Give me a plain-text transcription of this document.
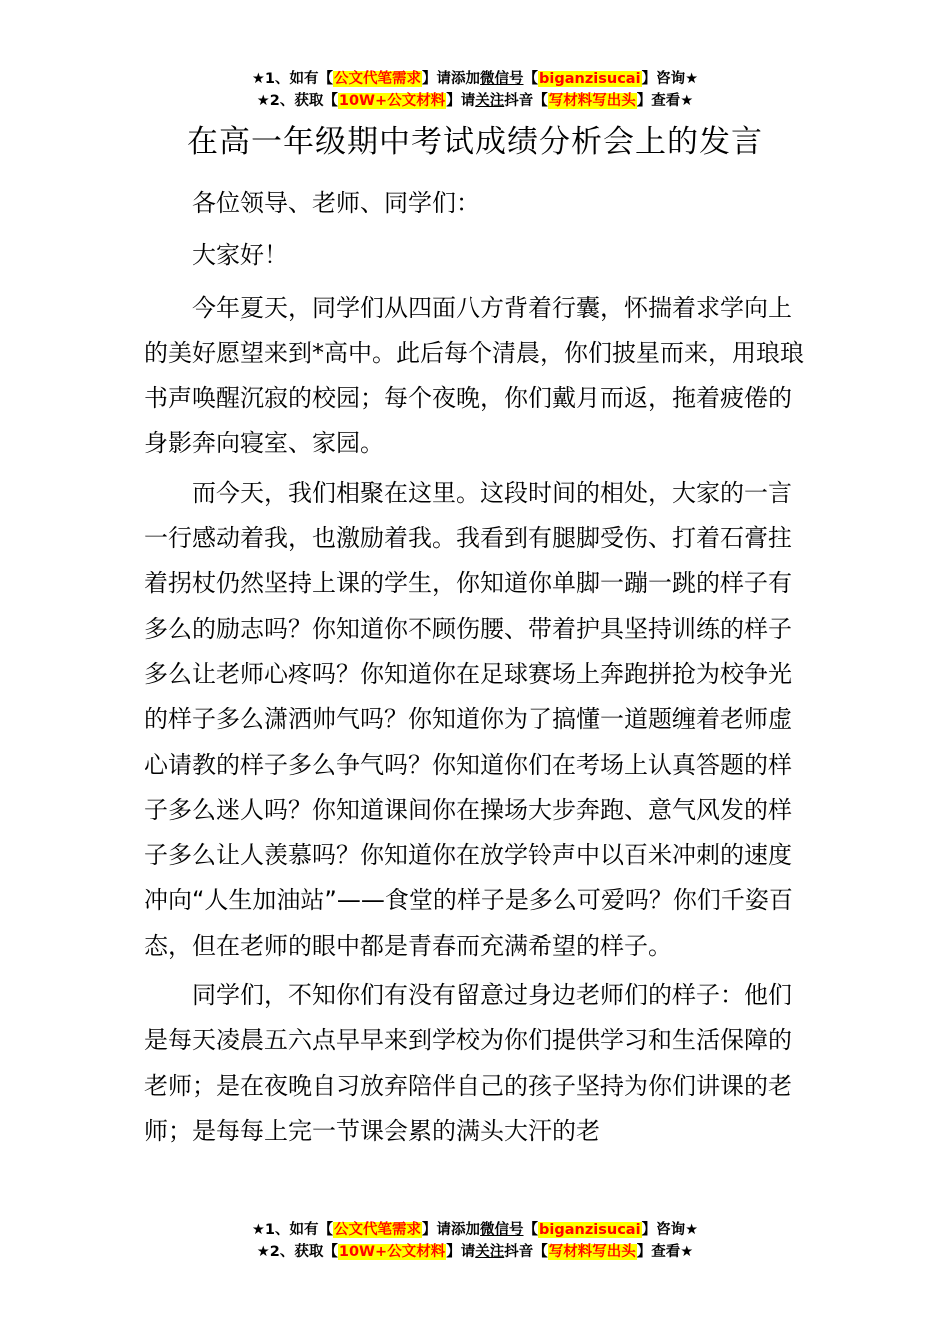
★1、如有【公文代笔需求】请添加微信号【biganzisucai】咨询★
★2、获取【10W+公文材料】请关注抖音【写材料写出头】查看★
在高一年级期中考试成绩分析会上的发言

各位领导、老师、同学们：

大家好！

今年夏天，同学们从四面八方背着行囊，怀揣着求学向上的美好愿望来到*高中。此后每个清晨，你们披星而来，用琅琅书声唤醒沉寂的校园；每个夜晚，你们戴月而返，拖着疲倦的身影奔向寝室、家园。

而今天，我们相聚在这里。这段时间的相处，大家的一言一行感动着我，也激励着我。我看到有腿脚受伤、打着石膏拄着拐杖仍然坚持上课的学生，你知道你单脚一蹦一跳的样子有多么的励志吗？你知道你不顾伤腰、带着护具坚持训练的样子多么让老师心疼吗？你知道你在足球赛场上奔跑拼抢为校争光的样子多么潇洒帅气吗？你知道你为了搞懂一道题缠着老师虚心请教的样子多么争气吗？你知道你们在考场上认真答题的样子多么迷人吗？你知道课间你在操场大步奔跑、意气风发的样子多么让人羡慕吗？你知道你在放学铃声中以百米冲刺的速度冲向“人生加油站”——食堂的样子是多么可爱吗？你们千姿百态，但在老师的眼中都是青春而充满希望的样子。

同学们，不知你们有没有留意过身边老师们的样子：他们是每天凌晨五六点早早来到学校为你们提供学习和生活保障的老师；是在夜晚自习放弃陪伴自己的孩子坚持为你们讲课的老师；是每每上完一节课会累的满头大汗的老

★1、如有【公文代笔需求】请添加微信号【biganzisucai】咨询★
★2、获取【10W+公文材料】请关注抖音【写材料写出头】查看★
